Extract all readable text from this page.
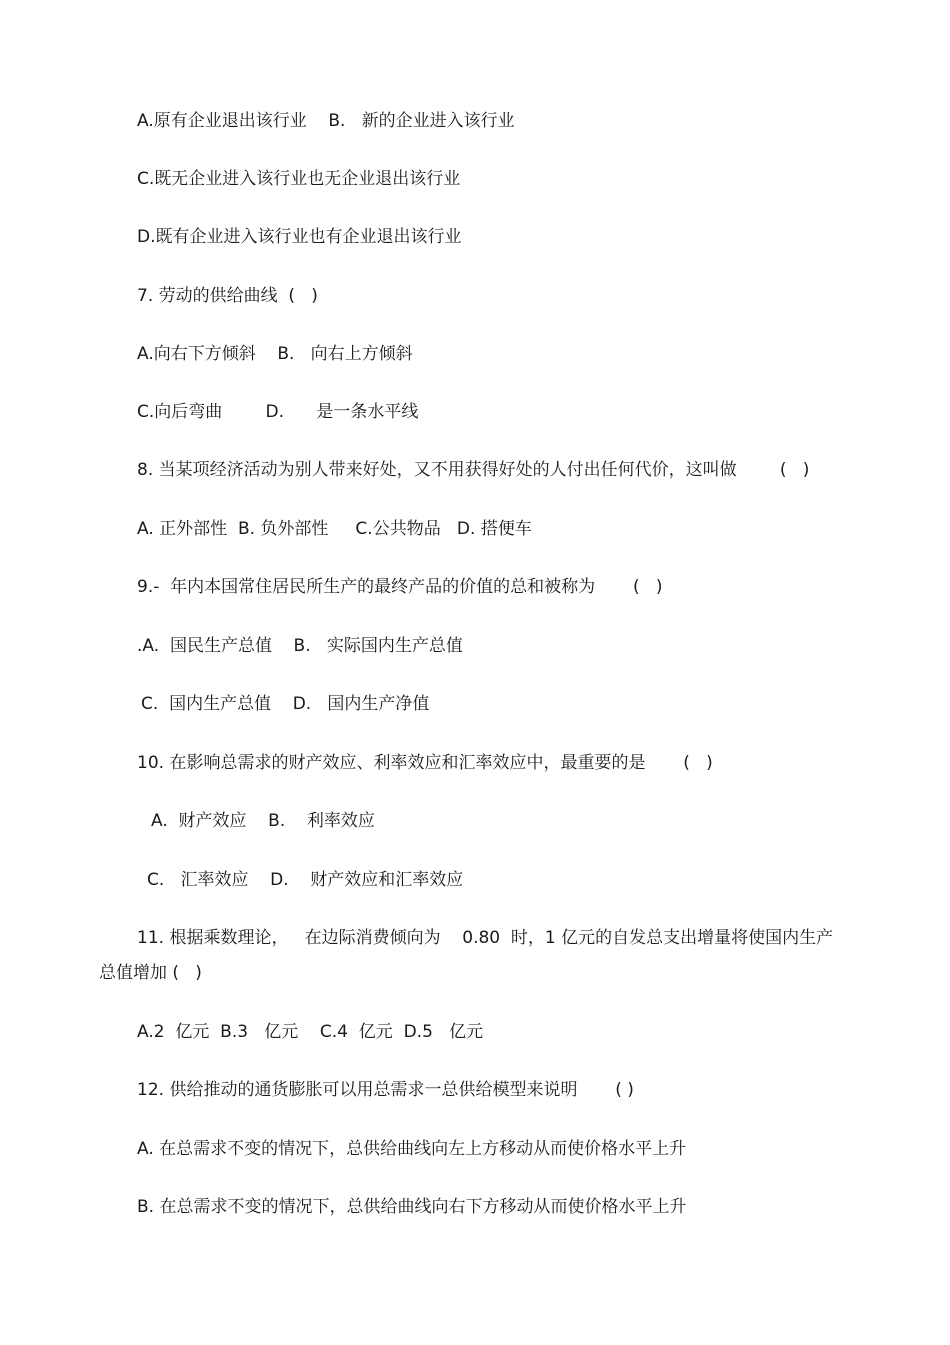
A.原有企业退出该行业    B.   新的企业进入该行业
C.既无企业进入该行业也无企业退出该行业
D.既有企业进入该行业也有企业退出该行业
7. 劳动的供给曲线  (   )
A.向右下方倾斜    B.   向右上方倾斜
C.向后弯曲        D.      是一条水平线
8. 当某项经济活动为别人带来好处，又不用获得好处的人付出任何代价，这叫做        (   )
A. 正外部性  B. 负外部性     C.公共物品   D. 搭便车
9.-  年内本国常住居民所生产的最终产品的价值的总和被称为       (   )
.A.  国民生产总值    B.   实际国内生产总值
C.  国内生产总值    D.   国内生产净值
10. 在影响总需求的财产效应、利率效应和汇率效应中，最重要的是       (   )
A.  财产效应    B.    利率效应
C.   汇率效应    D.    财产效应和汇率效应
11. 根据乘数理论，   在边际消费倾向为    0.80  时，1 亿元的自发总支出增量将使国内生产
总值增加 (   )
A.2  亿元  B.3   亿元    C.4  亿元  D.5   亿元
12. 供给推动的通货膨胀可以用总需求一总供给模型来说明       ( )
A. 在总需求不变的情况下，总供给曲线向左上方移动从而使价格水平上升
B. 在总需求不变的情况下，总供给曲线向右下方移动从而使价格水平上升
